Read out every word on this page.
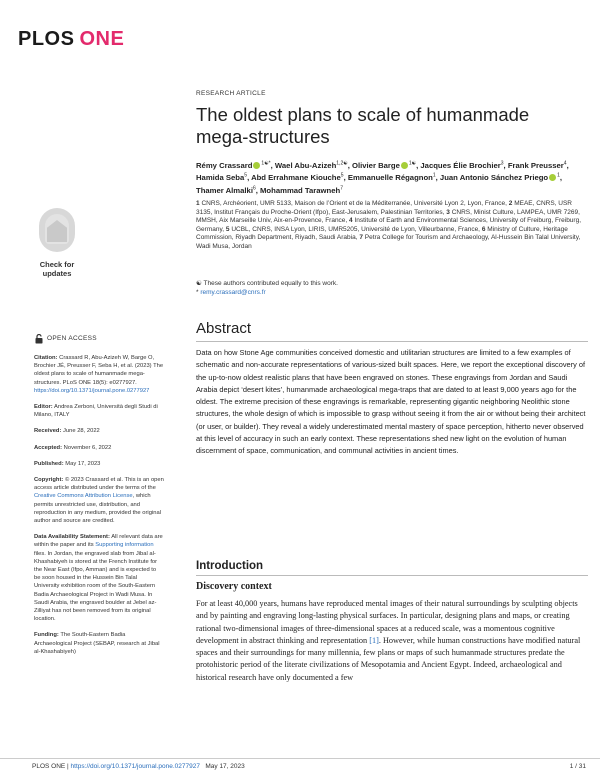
PLOS ONE
Check for
updates
RESEARCH ARTICLE
The oldest plans to scale of humanmade mega-structures
Rémy Crassard $^{1☯*}$, Wael Abu-Azizeh$^{1,2☯}$, Olivier Barge $^{1☯}$, Jacques Élie Brochier$^3$, Frank Preusser$^4$, Hamida Seba$^5$, Abd Errahmane Kiouche$^5$, Emmanuelle Régagnon$^1$, Juan Antonio Sánchez Priego $^1$, Thamer Almalki$^6$, Mohammad Tarawneh$^7$
1 CNRS, Archéorient, UMR 5133, Maison de l’Orient et de la Méditerranée, Université Lyon 2, Lyon, France, 2 MEAE, CNRS, USR 3135, Institut Français du Proche-Orient (Ifpo), East-Jerusalem, Palestinian Territories, 3 CNRS, Minist Culture, LAMPEA, UMR 7269, MMSH, Aix Marseille Univ, Aix-en-Provence, France, 4 Institute of Earth and Environmental Sciences, University of Freiburg, Freiburg, Germany, 5 UCBL, CNRS, INSA Lyon, LIRIS, UMR5205, Université de Lyon, Villeurbanne, France, 6 Ministry of Culture, Heritage Commission, Riyadh Department, Riyadh, Saudi Arabia, 7 Petra College for Tourism and Archaeology, Al-Hussein Bin Talal University, Wadi Musa, Jordan
☯ These authors contributed equally to this work.
* remy.crassard@cnrs.fr
OPEN ACCESS

Citation: Crassard R, Abu-Azizeh W, Barge O, Brochier JÉ, Preusser F, Seba H, et al. (2023) The oldest plans to scale of humanmade mega-structures. PLoS ONE 18(5): e0277927. https://doi.org/10.1371/journal.pone.0277927

Editor: Andrea Zerboni, Università degli Studi di Milano, ITALY

Received: June 28, 2022

Accepted: November 6, 2022

Published: May 17, 2023

Copyright: © 2023 Crassard et al. This is an open access article distributed under the terms of the Creative Commons Attribution License, which permits unrestricted use, distribution, and reproduction in any medium, provided the original author and source are credited.

Data Availability Statement: All relevant data are within the paper and its Supporting information files. In Jordan, the engraved slab from Jibal al-Khashabiyeh is stored at the French Institute for the Near East (Ifpo, Amman) and is expected to be soon housed in the Hussein Bin Talal University exhibition room of the South-Eastern Badia Archaeological Project in Wadi Musa. In Saudi Arabia, the engraved boulder at Jebel az-Zilliyat has not been removed from its original location.

Funding: The South-Eastern Badia Archaeological Project (SEBAP, research at Jibal al-Khashabiyeh)

Abstract
Data on how Stone Age communities conceived domestic and utilitarian structures are limited to a few examples of schematic and non-accurate representations of various-sized built spaces. Here, we report the exceptional discovery of the up-to-now oldest realistic plans that have been engraved on stones. These engravings from Jordan and Saudi Arabia depict ‘desert kites’, humanmade archaeological mega-traps that are dated to at least 9,000 years ago for the oldest. The extreme precision of these engravings is remarkable, representing gigantic neighboring Neolithic stone structures, the whole design of which is impossible to grasp without seeing it from the air or without being their architect (or user, or builder). They reveal a widely underestimated mental mastery of space perception, hitherto never observed at this level of accuracy in such an early context. These representations shed new light on the evolution of human discernment of space, communication, and communal activities in ancient times.
Introduction
Discovery context
For at least 40,000 years, humans have reproduced mental images of their natural surroundings by sculpting objects and by painting and engraving long-lasting physical surfaces. In particular, designing plans and maps, or creating rational two-dimensional images of three-dimensional spaces at a reduced scale, was a momentous cognitive development in abstract thinking and representation [1]. However, while human constructions have modified natural spaces and their surroundings for many millennia, few plans or maps of such humanmade structures predate the protohistoric period of the literate civilizations of Mesopotamia and Ancient Egypt. Indeed, archaeological and historical research have only documented a few
PLOS ONE | https://doi.org/10.1371/journal.pone.0277927 May 17, 2023	1 / 31
